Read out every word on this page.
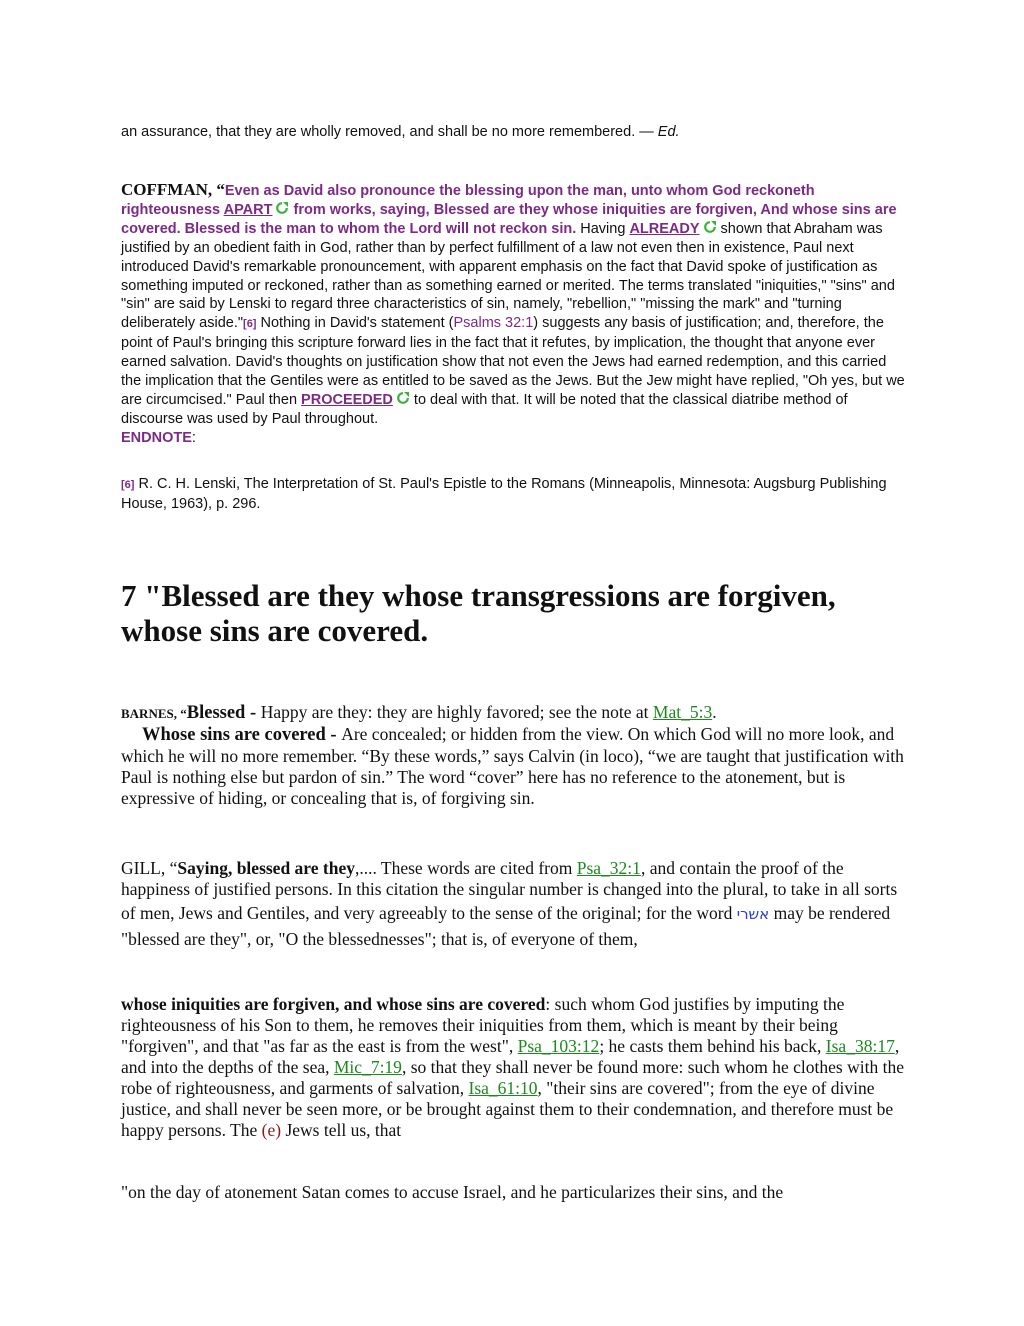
an assurance, that they are wholly removed, and shall be no more remembered. — Ed.

COFFMAN, “Even as David also pronounce the blessing upon the man, unto whom God reckoneth righteousness APART from works, saying, Blessed are they whose iniquities are forgiven, And whose sins are covered. Blessed is the man to whom the Lord will not reckon sin. Having ALREADY shown that Abraham was justified by an obedient faith in God, rather than by perfect fulfillment of a law not even then in existence, Paul next introduced David's remarkable pronouncement, with apparent emphasis on the fact that David spoke of justification as something imputed or reckoned, rather than as something earned or merited. The terms translated "iniquities," "sins" and "sin" are said by Lenski to regard three characteristics of sin, namely, "rebellion," "missing the mark" and "turning deliberately aside."[6] Nothing in David's statement (Psalms 32:1) suggests any basis of justification; and, therefore, the point of Paul's bringing this scripture forward lies in the fact that it refutes, by implication, the thought that anyone ever earned salvation. David's thoughts on justification show that not even the Jews had earned redemption, and this carried the implication that the Gentiles were as entitled to be saved as the Jews. But the Jew might have replied, "Oh yes, but we are circumcised." Paul then PROCEEDED to deal with that. It will be noted that the classical diatribe method of discourse was used by Paul throughout.
ENDNOTE:

[6] R. C. H. Lenski, The Interpretation of St. Paul's Epistle to the Romans (Minneapolis, Minnesota: Augsburg Publishing House, 1963), p. 296.

7 "Blessed are they whose transgressions are forgiven, whose sins are covered.
BARNES, “Blessed - Happy are they: they are highly favored; see the note at Mat_5:3.
Whose sins are covered - Are concealed; or hidden from the view. On which God will no more look, and which he will no more remember. “By these words,” says Calvin (in loco), “we are taught that justification with Paul is nothing else but pardon of sin.” The word “cover” here has no reference to the atonement, but is expressive of hiding, or concealing that is, of forgiving sin.
GILL, “Saying, blessed are they,.... These words are cited from Psa_32:1, and contain the proof of the happiness of justified persons. In this citation the singular number is changed into the plural, to take in all sorts of men, Jews and Gentiles, and very agreeably to the sense of the original; for the word אשרי may be rendered "blessed are they", or, "O the blessednesses"; that is, of everyone of them,
whose iniquities are forgiven, and whose sins are covered: such whom God justifies by imputing the righteousness of his Son to them, he removes their iniquities from them, which is meant by their being "forgiven", and that "as far as the east is from the west", Psa_103:12; he casts them behind his back, Isa_38:17, and into the depths of the sea, Mic_7:19, so that they shall never be found more: such whom he clothes with the robe of righteousness, and garments of salvation, Isa_61:10, "their sins are covered"; from the eye of divine justice, and shall never be seen more, or be brought against them to their condemnation, and therefore must be happy persons. The (e) Jews tell us, that

"on the day of atonement Satan comes to accuse Israel, and he particularizes their sins, and the
